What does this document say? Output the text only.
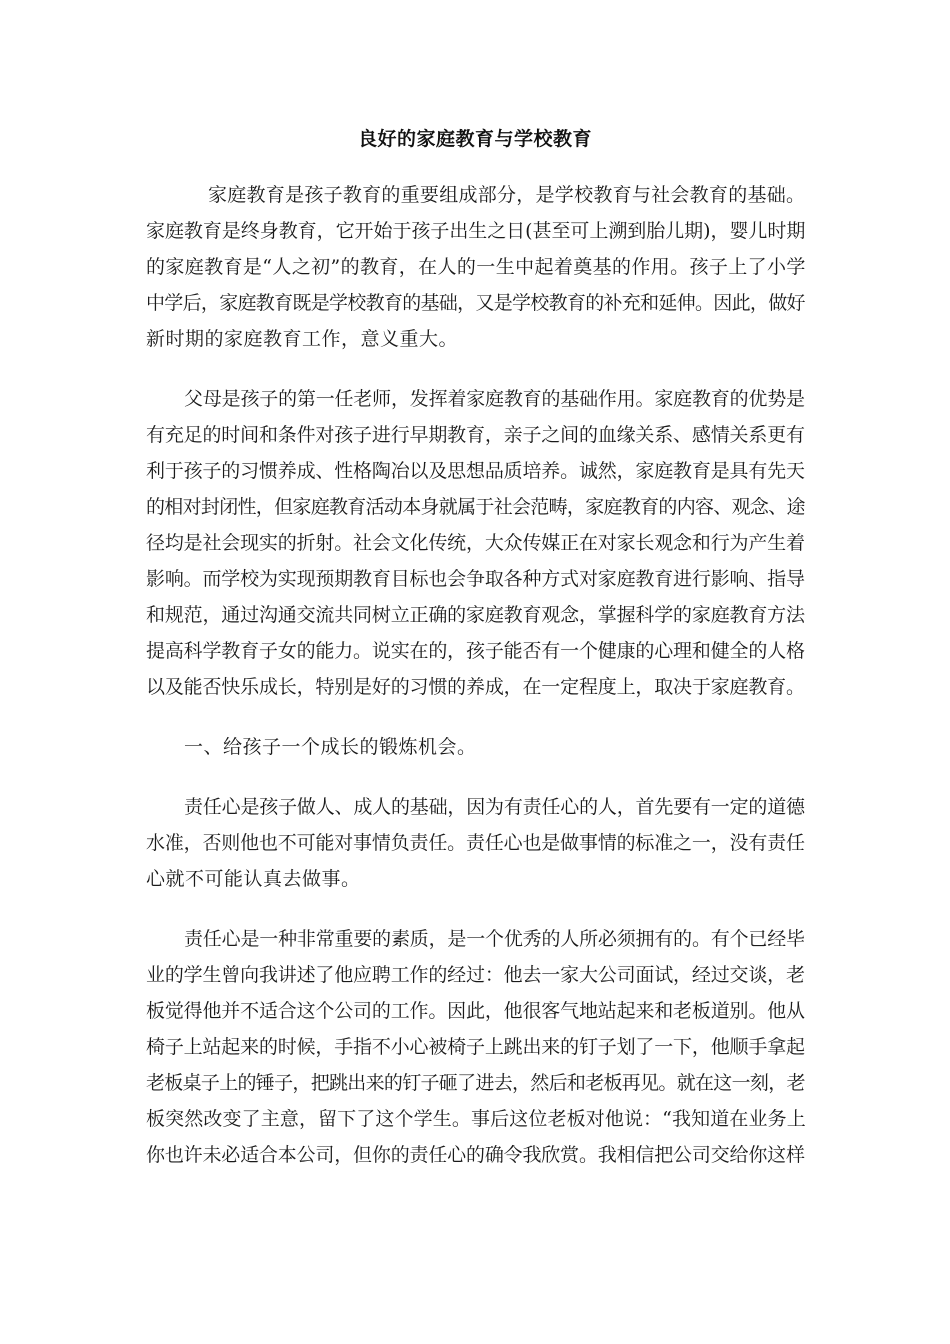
良好的家庭教育与学校教育
家庭教育是孩子教育的重要组成部分，是学校教育与社会教育的基础。
家庭教育是终身教育，它开始于孩子出生之日(甚至可上溯到胎儿期)，婴儿时期
的家庭教育是“人之初”的教育，在人的一生中起着奠基的作用。孩子上了小学
中学后，家庭教育既是学校教育的基础，又是学校教育的补充和延伸。因此，做好
新时期的家庭教育工作，意义重大。
父母是孩子的第一任老师，发挥着家庭教育的基础作用。家庭教育的优势是
有充足的时间和条件对孩子进行早期教育，亲子之间的血缘关系、感情关系更有
利于孩子的习惯养成、性格陶冶以及思想品质培养。诚然，家庭教育是具有先天
的相对封闭性，但家庭教育活动本身就属于社会范畴，家庭教育的内容、观念、途
径均是社会现实的折射。社会文化传统，大众传媒正在对家长观念和行为产生着
影响。而学校为实现预期教育目标也会争取各种方式对家庭教育进行影响、指导
和规范，通过沟通交流共同树立正确的家庭教育观念，掌握科学的家庭教育方法
提高科学教育子女的能力。说实在的，孩子能否有一个健康的心理和健全的人格
以及能否快乐成长，特别是好的习惯的养成，在一定程度上，取决于家庭教育。
一、给孩子一个成长的锻炼机会。
责任心是孩子做人、成人的基础，因为有责任心的人，首先要有一定的道德
水准，否则他也不可能对事情负责任。责任心也是做事情的标准之一，没有责任
心就不可能认真去做事。
责任心是一种非常重要的素质，是一个优秀的人所必须拥有的。有个已经毕
业的学生曾向我讲述了他应聘工作的经过：他去一家大公司面试，经过交谈，老
板觉得他并不适合这个公司的工作。因此，他很客气地站起来和老板道别。他从
椅子上站起来的时候，手指不小心被椅子上跳出来的钉子划了一下，他顺手拿起
老板桌子上的锤子，把跳出来的钉子砸了进去，然后和老板再见。就在这一刻，老
板突然改变了主意，留下了这个学生。事后这位老板对他说：“我知道在业务上
你也许未必适合本公司，但你的责任心的确令我欣赏。我相信把公司交给你这样
